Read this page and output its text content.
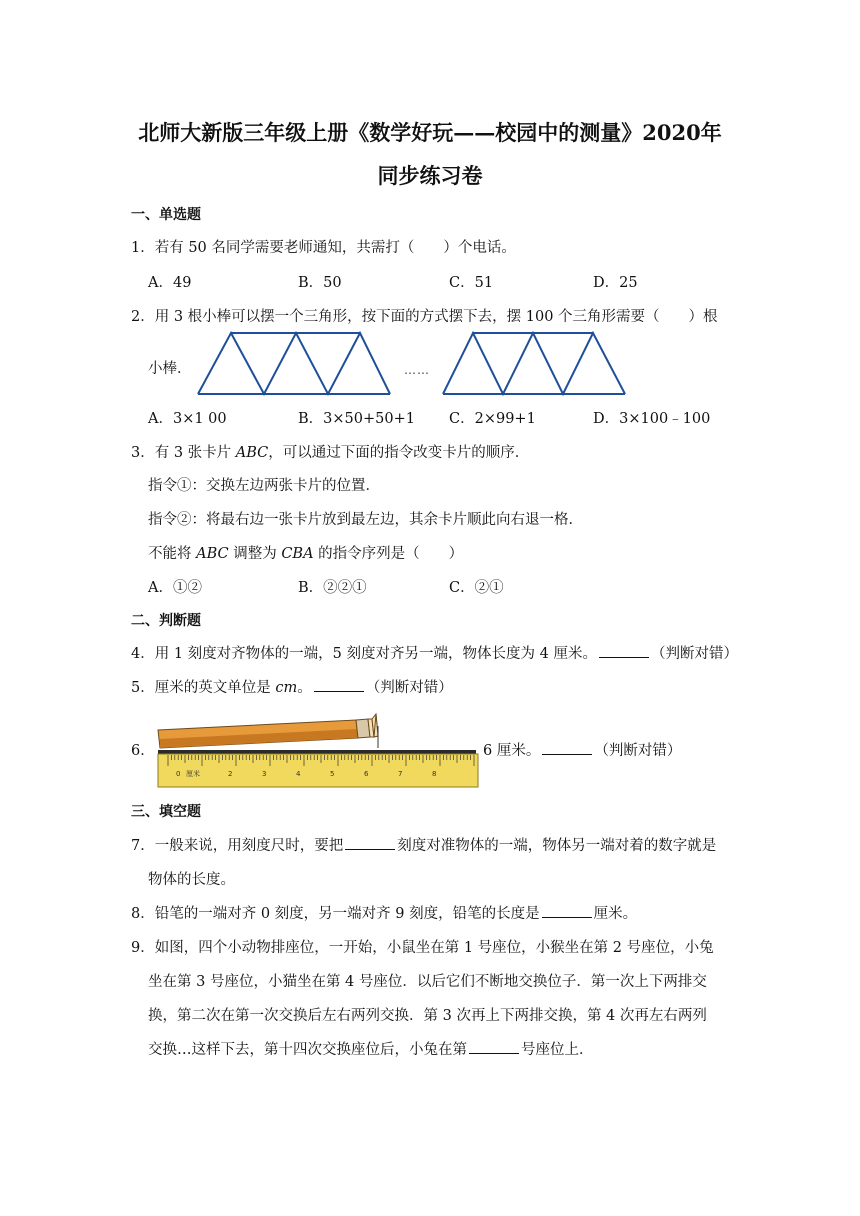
北师大新版三年级上册《数学好玩——校园中的测量》2020年
同步练习卷
一、单选题
1．若有 50 名同学需要老师通知，共需打（　　）个电话。
A．49	B．50	C．51	D．25
2．用 3 根小棒可以摆一个三角形，按下面的方式摆下去，摆 100 个三角形需要（　　）根
小棒．	……
A．3×1 00	B．3×50+50+1 C．2×99+1	D．3×100﹣100
3．有 3 张卡片 ABC，可以通过下面的指令改变卡片的顺序．
指令①：交换左边两张卡片的位置．
指令②：将最右边一张卡片放到最左边，其余卡片顺此向右退一格．
不能将 ABC 调整为 CBA 的指令序列是（　　）
A．①②	B．②②①	C．②①
二、判断题
4．用 1 刻度对齐物体的一端，5 刻度对齐另一端，物体长度为 4 厘米。	（判断对错）
5．厘米的英文单位是 cm。	（判断对错）
6．
0 厘米	2	3	4	5	6	7	8
6 厘米。	（判断对错）
三、填空题
7．一般来说，用刻度尺时，要把	刻度对准物体的一端，物体另一端对着的数字就是
物体的长度。
8．铅笔的一端对齐 0 刻度，另一端对齐 9 刻度，铅笔的长度是	厘米。
9．如图，四个小动物排座位，一开始，小鼠坐在第 1 号座位，小猴坐在第 2 号座位，小兔
坐在第 3 号座位，小猫坐在第 4 号座位．以后它们不断地交换位子．第一次上下两排交
换，第二次在第一次交换后左右两列交换．第 3 次再上下两排交换，第 4 次再左右两列
交换…这样下去，第十四次交换座位后，小兔在第	号座位上．
